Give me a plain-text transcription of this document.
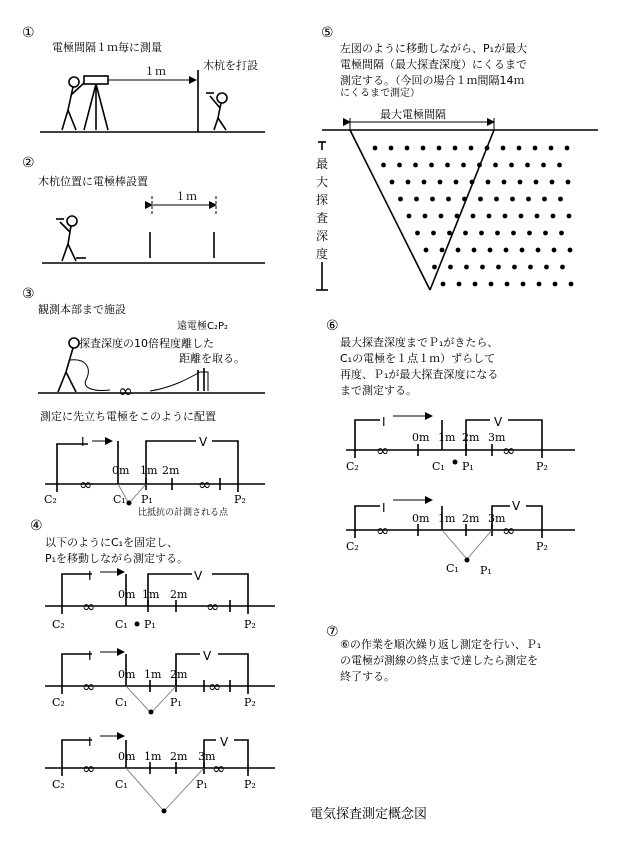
①
電極間隔１ｍ毎に測量
１ｍ	木杭を打設
②
木杭位置に電極棒設置
１ｍ
③
観測本部まで施設
遠電極C₂P₂
探査深度の10倍程度離した
距離を取る。
∞
測定に先立ち電極をこのように配置
I	V
0m 1m 2m
∞	∞
C₂	C₁ P₁	P₂
比抵抗の計測される点
④
以下のようにC₁を固定し、
P₁を移動しながら測定する。
I	V
0m 1m 2m
∞	∞
C₂	C₁ P₁	P₂
I	V
0m 1m 2m
∞	∞
C₂	C₁	P₁	P₂
I	V
0m 1m 2m 3m
∞	∞
C₂	C₁	P₁	P₂
⑤
左図のように移動しながら、P₁が最大
電極間隔（最大探査深度）にくるまで
測定する。（今回の場合１ｍ間隔14ｍ
にくるまで測定）
最大電極間隔
最
大
探
査
深
度
⑥
最大探査深度までＰ₁がきたら、
C₁の電極を１点１ｍ）ずらして
再度、Ｐ₁が最大探査深度になる
まで測定する。
I	V
0m 1m 2m 3m
∞	∞
C₂	C₁ P₁	P₂
I	V
0m 1m 2m 3m
∞	∞
C₂	P₂
C₁ P₁
⑦
⑥の作業を順次繰り返し測定を行い、Ｐ₁
の電極が測線の終点まで達したら測定を
終了する。
電気探査測定概念図
